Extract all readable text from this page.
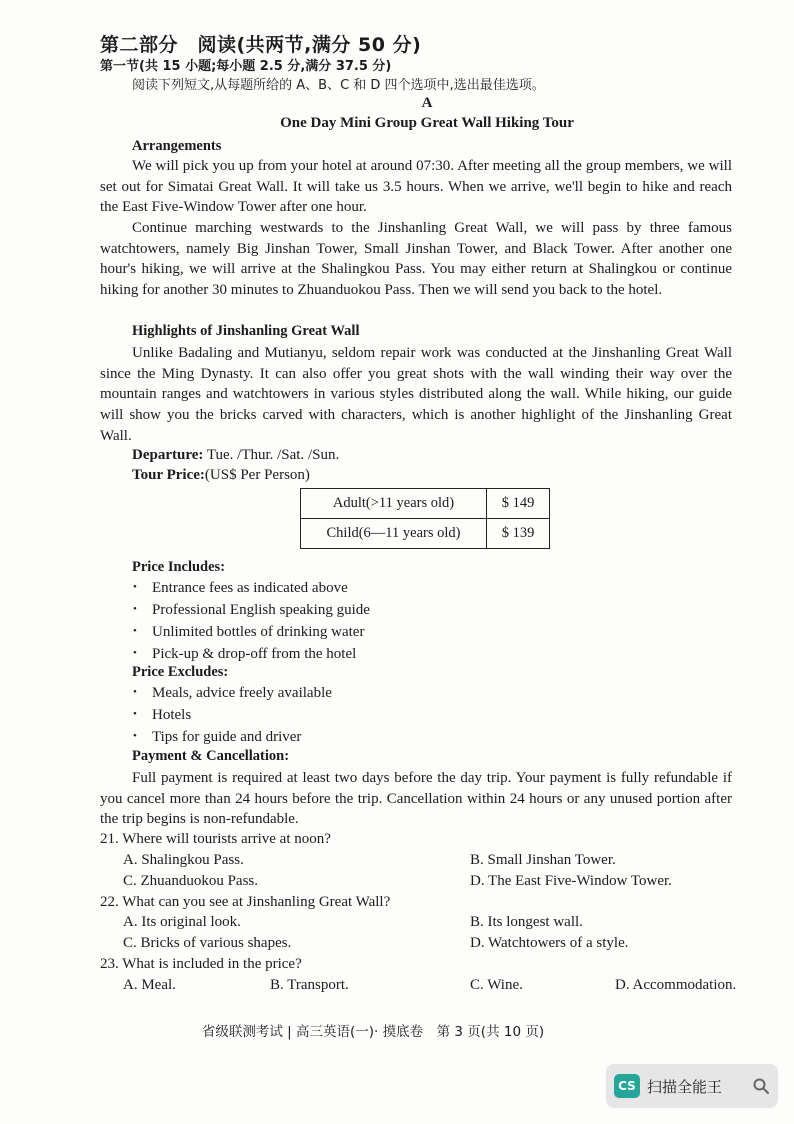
第二部分　阅读(共两节,满分 50 分)
第一节(共 15 小题;每小题 2.5 分,满分 37.5 分)
阅读下列短文,从每题所给的 A、B、C 和 D 四个选项中,选出最佳选项。
A
One Day Mini Group Great Wall Hiking Tour
Arrangements
We will pick you up from your hotel at around 07:30. After meeting all the group members, we will set out for Simatai Great Wall. It will take us 3.5 hours. When we arrive, we'll begin to hike and reach the East Five-Window Tower after one hour.
Continue marching westwards to the Jinshanling Great Wall, we will pass by three famous watchtowers, namely Big Jinshan Tower, Small Jinshan Tower, and Black Tower. After another one hour's hiking, we will arrive at the Shalingkou Pass. You may either return at Shalingkou or continue hiking for another 30 minutes to Zhuanduokou Pass. Then we will send you back to the hotel.
Highlights of Jinshanling Great Wall
Unlike Badaling and Mutianyu, seldom repair work was conducted at the Jinshanling Great Wall since the Ming Dynasty. It can also offer you great shots with the wall winding their way over the mountain ranges and watchtowers in various styles distributed along the wall. While hiking, our guide will show you the bricks carved with characters, which is another highlight of the Jinshanling Great Wall.
Departure: Tue. /Thur. /Sat. /Sun.
Tour Price:(US$ Per Person)
Adult(>11 years old)	$ 149
Child(6—11 years old)	$ 139
Price Includes:
• Entrance fees as indicated above
• Professional English speaking guide
• Unlimited bottles of drinking water
• Pick-up & drop-off from the hotel
Price Excludes:
• Meals, advice freely available
• Hotels
• Tips for guide and driver
Payment & Cancellation:
Full payment is required at least two days before the day trip. Your payment is fully refundable if you cancel more than 24 hours before the trip. Cancellation within 24 hours or any unused portion after the trip begins is non-refundable.
21. Where will tourists arrive at noon?
A. Shalingkou Pass.	B. Small Jinshan Tower.
C. Zhuanduokou Pass.	D. The East Five-Window Tower.
22. What can you see at Jinshanling Great Wall?
A. Its original look.	B. Its longest wall.
C. Bricks of various shapes.	D. Watchtowers of a style.
23. What is included in the price?
A. Meal.	B. Transport.	C. Wine.	D. Accommodation.
省级联测考试 | 高三英语(一)· 摸底卷　第 3 页(共 10 页)
CS 扫描全能王
